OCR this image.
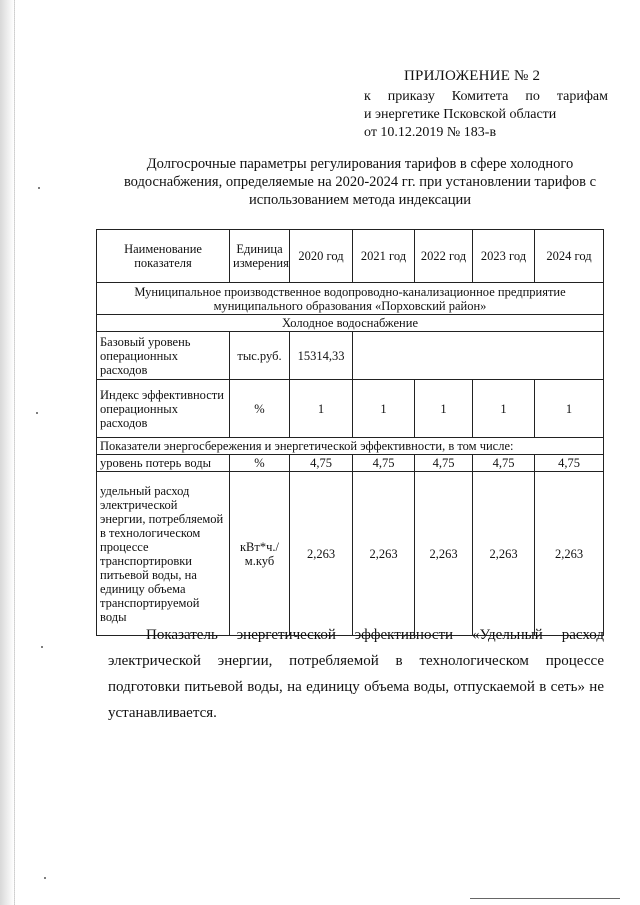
ПРИЛОЖЕНИЕ № 2
к приказу Комитета по тарифам
и энергетике Псковской области
от 10.12.2019 № 183-в
Долгосрочные параметры регулирования тарифов в сфере холодного водоснабжения, определяемые на 2020-2024 гг. при установлении тарифов с использованием метода индексации
Наименование показателя	Единица измерения	2020 год	2021 год	2022 год	2023 год	2024 год
Муниципальное производственное водопроводно-канализационное предприятие муниципального образования «Порховский район»						
Холодное водоснабжение						
Базовый уровень операционных расходов	тыс.руб.	15314,33				
Индекс эффективности операционных расходов	%	1	1	1	1	1
Показатели энергосбережения и энергетической эффективности, в том числе:						
уровень потерь воды	%	4,75	4,75	4,75	4,75	4,75
удельный расход электрической энергии, потребляемой в технологическом процессе транспортировки питьевой воды, на единицу объема транспортируемой воды	кВт*ч./м.куб	2,263	2,263	2,263	2,263	2,263
Показатель энергетической эффективности «Удельный расход электрической энергии, потребляемой в технологическом процессе подготовки питьевой воды, на единицу объема воды, отпускаемой в сеть» не устанавливается.
